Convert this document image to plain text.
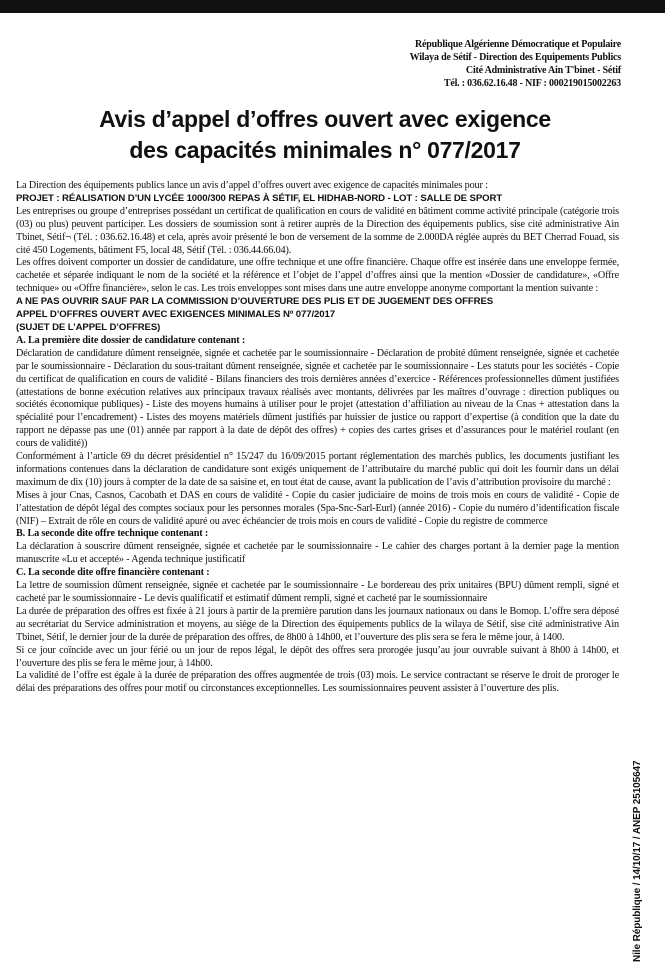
République Algérienne Démocratique et Populaire
Wilaya de Sétif - Direction des Equipements Publics
Cité Administrative Ain T'binet - Sétif
Tél. : 036.62.16.48 - NIF : 000219015002263
Avis d’appel d’offres ouvert avec exigence
des capacités minimales n° 077/2017

La Direction des équipements publics lance un avis d’appel d’offres ouvert avec exigence de capacités minimales pour :

PROJET : RÉALISATION D’UN LYCÉE 1000/300 REPAS À SÉTIF, EL HIDHAB-NORD - LOT : SALLE DE SPORT

Les entreprises ou groupe d’entreprises possédant un certificat de qualification en cours de validité en bâtiment comme activité principale (catégorie trois (03) ou plus) peuvent participer. Les dossiers de soumission sont à retirer auprès de la Direction des équipements publics, sise cité administrative Ain Tbinet, Sétif¬ (Tél. : 036.62.16.48) et cela, après avoir présenté le bon de versement de la somme de 2.000DA réglée auprès du BET Cherrad Fouad, sis cité 450 Logements, bâtiment F5, local 48, Sétif (Tél. : 036.44.66.04).

Les offres doivent comporter un dossier de candidature, une offre technique et une offre financière. Chaque offre est insérée dans une enveloppe fermée, cachetée et séparée indiquant le nom de la société et la référence et l’objet de l’appel d’offres ainsi que la mention «Dossier de candidature», «Offre technique» ou «Offre financière», selon le cas. Les trois enveloppes sont mises dans une autre enveloppe anonyme comportant la mention suivante :

A NE PAS OUVRIR SAUF PAR LA COMMISSION D’OUVERTURE DES PLIS ET DE JUGEMENT DES OFFRES

APPEL D’OFFRES OUVERT AVEC EXIGENCES MINIMALES Nº 077/2017

(SUJET DE L’APPEL D’OFFRES)

A. La première dite dossier de candidature contenant :

Déclaration de candidature dûment renseignée, signée et cachetée par le soumissionnaire - Déclaration de probité dûment renseignée, signée et cachetée par le soumissionnaire - Déclaration du sous-traitant dûment renseignée, signée et cachetée par le soumissionnaire - Les statuts pour les sociétés - Copie du certificat de qualification en cours de validité - Bilans financiers des trois dernières années d’exercice - Références professionnelles dûment justifiées (attestations de bonne exécution relatives aux principaux travaux réalisés avec montants, délivrées par les maîtres d’ouvrage : direction publiques ou sociétés économique publiques) - Liste des moyens humains à utiliser pour le projet (attestation d’affiliation au niveau de la Cnas + attestation dans la spécialité pour l’encadrement) - Listes des moyens matériels dûment justifiés par huissier de justice ou rapport d’expertise (à condition que la date du rapport ne dépasse pas une (01) année par rapport à la date de dépôt des offres) + copies des cartes grises et d’assurances pour le matériel roulant (en cours de validité))

Conformément à l’article 69 du décret présidentiel n° 15/247 du 16/09/2015 portant réglementation des marchés publics, les documents justifiant les informations contenues dans la déclaration de candidature sont exigés uniquement de l’attributaire du marché public qui doit les fournir dans un délai maximum de dix (10) jours à compter de la date de sa saisine et, en tout état de cause, avant la publication de l’avis d’attribution provisoire du marché :

Mises à jour Cnas, Casnos, Cacobath et DAS en cours de validité - Copie du casier judiciaire de moins de trois mois en cours de validité - Copie de l’attestation de dépôt légal des comptes sociaux pour les personnes morales (Spa-Snc-Sarl-Eurl) (année 2016) - Copie du numéro d’identification fiscale (NIF) – Extrait de rôle en cours de validité apuré ou avec échéancier de trois mois en cours de validité - Copie du registre de commerce

B. La seconde dite offre technique contenant :

La déclaration à souscrire dûment renseignée, signée et cachetée par le soumissionnaire - Le cahier des charges portant à la dernier page la mention manuscrite «Lu et accepté» - Agenda technique justificatif

C. La seconde dite offre financière contenant :

La lettre de soumission dûment renseignée, signée et cachetée par le soumissionnaire - Le bordereau des prix unitaires (BPU) dûment rempli, signé et cacheté par le soumissionnaire - Le devis qualificatif et estimatif dûment rempli, signé et cacheté par le soumissionnaire

La durée de préparation des offres est fixée à 21 jours à partir de la première parution dans les journaux nationaux ou dans le Bomop. L’offre sera déposé au secrétariat du Service administration et moyens, au siège de la Direction des équipements publics de la wilaya de Sétif, sise cité administrative Ain Tbinet, Sétif, le dernier jour de la durée de préparation des offres, de 8h00 à 14h00, et l’ouverture des plis sera se fera le même jour, à 1400.

Si ce jour coïncide avec un jour férié ou un jour de repos légal, le dépôt des offres sera prorogée jusqu’au jour ouvrable suivant à 8h00 à 14h00, et l’ouverture des plis se fera le même jour, à 14h00.

La validité de l’offre est égale à la durée de préparation des offres augmentée de trois (03) mois. Le service contractant se réserve le droit de proroger le délai des préparations des offres pour motif ou circonstances exceptionnelles. Les soumissionnaires peuvent assister à l’ouverture des plis.

Nile République / 14/10/17 / ANEP 25105647
